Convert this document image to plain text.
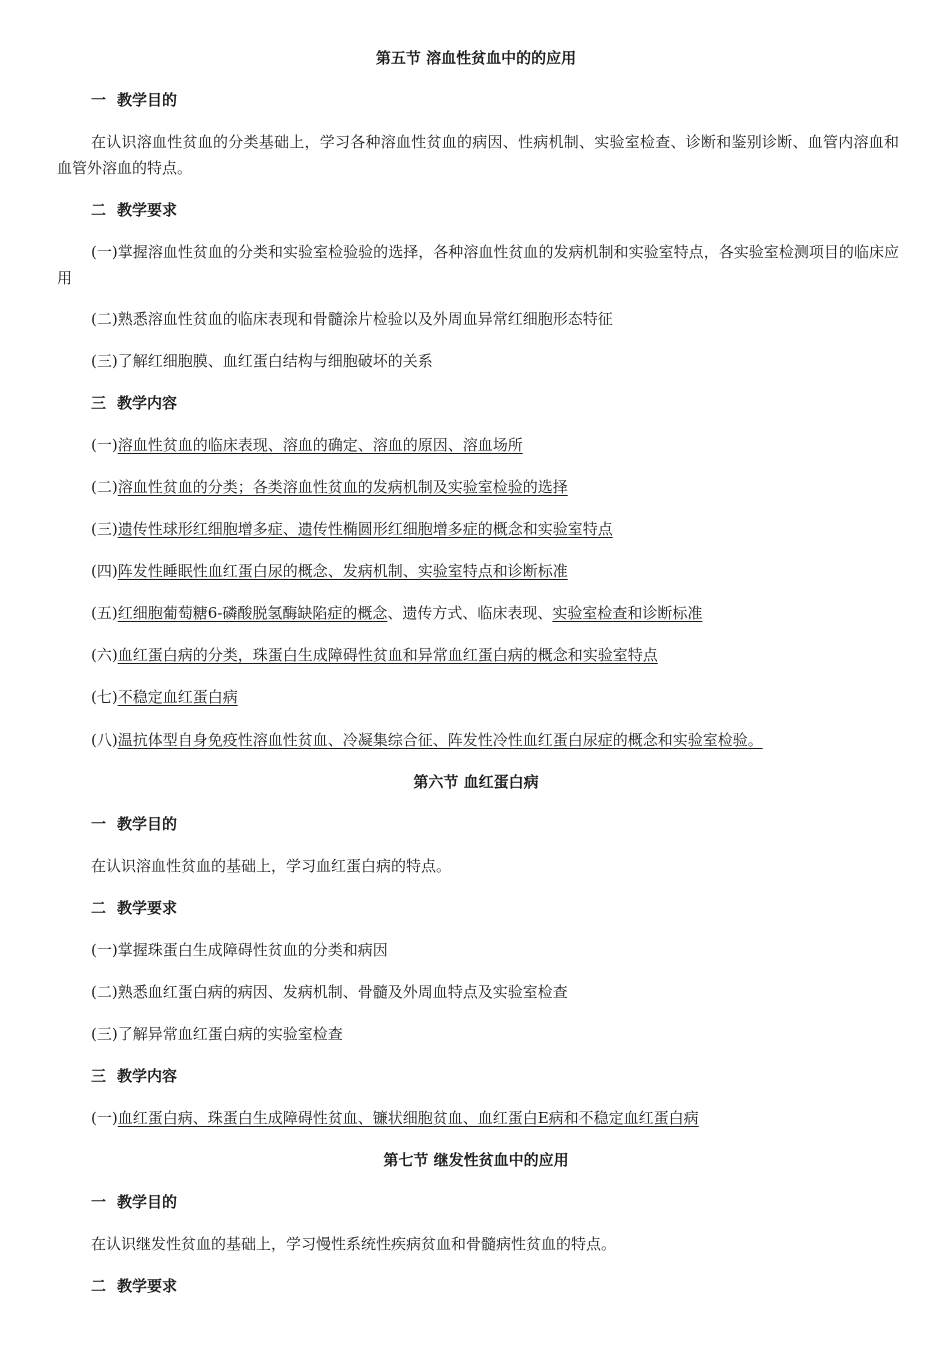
第五节 溶血性贫血中的的应用
一 教学目的
在认识溶血性贫血的分类基础上，学习各种溶血性贫血的病因、性病机制、实验室检查、诊断和鉴别诊断、血管内溶血和血管外溶血的特点。
二 教学要求
(一)掌握溶血性贫血的分类和实验室检验验的选择，各种溶血性贫血的发病机制和实验室特点，各实验室检测项目的临床应用
(二)熟悉溶血性贫血的临床表现和骨髓涂片检验以及外周血异常红细胞形态特征
(三)了解红细胞膜、血红蛋白结构与细胞破坏的关系
三 教学内容
(一)溶血性贫血的临床表现、溶血的确定、溶血的原因、溶血场所
(二)溶血性贫血的分类；各类溶血性贫血的发病机制及实验室检验的选择
(三)遗传性球形红细胞增多症、遗传性椭圆形红细胞增多症的概念和实验室特点
(四)阵发性睡眠性血红蛋白尿的概念、发病机制、实验室特点和诊断标准
(五)红细胞葡萄糖6-磷酸脱氢酶缺陷症的概念、遗传方式、临床表现、实验室检查和诊断标准
(六)血红蛋白病的分类，珠蛋白生成障碍性贫血和异常血红蛋白病的概念和实验室特点
(七)不稳定血红蛋白病
(八)温抗体型自身免疫性溶血性贫血、冷凝集综合征、阵发性冷性血红蛋白尿症的概念和实验室检验。
第六节 血红蛋白病
一 教学目的
在认识溶血性贫血的基础上，学习血红蛋白病的特点。
二 教学要求
(一)掌握珠蛋白生成障碍性贫血的分类和病因
(二)熟悉血红蛋白病的病因、发病机制、骨髓及外周血特点及实验室检查
(三)了解异常血红蛋白病的实验室检查
三 教学内容
(一)血红蛋白病、珠蛋白生成障碍性贫血、镰状细胞贫血、血红蛋白E病和不稳定血红蛋白病
第七节 继发性贫血中的应用
一 教学目的
在认识继发性贫血的基础上，学习慢性系统性疾病贫血和骨髓病性贫血的特点。
二 教学要求
